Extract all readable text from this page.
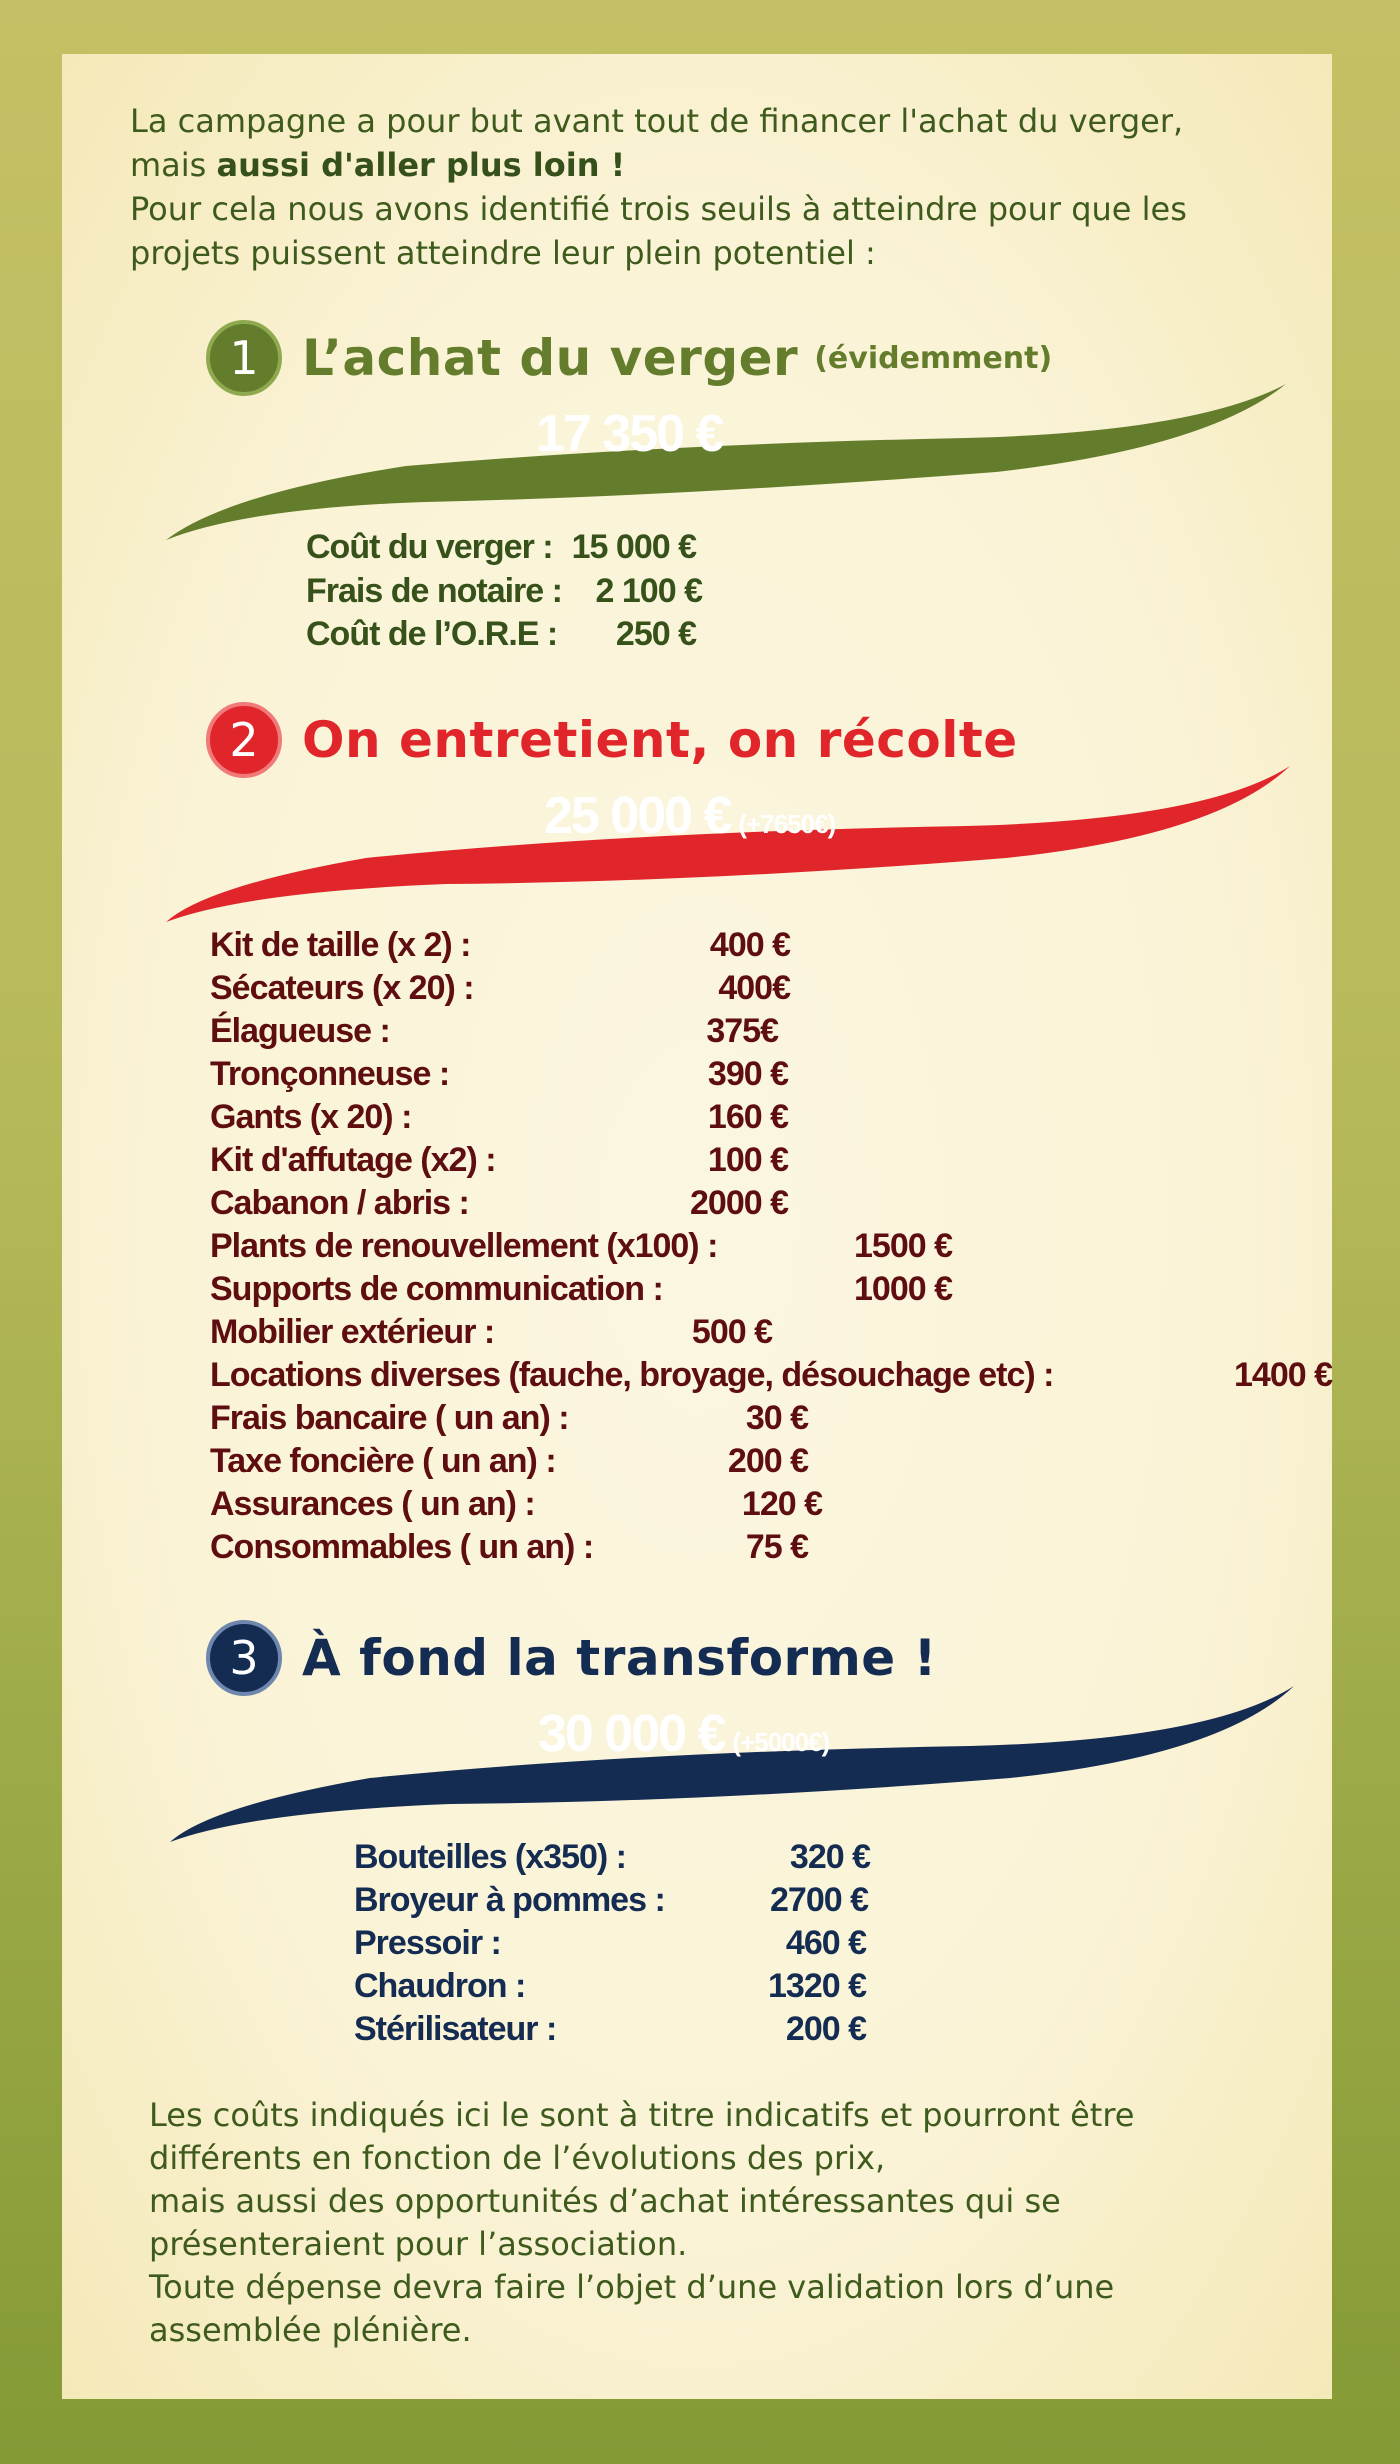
La campagne a pour but avant tout de financer l'achat du verger,
mais aussi d'aller plus loin !
Pour cela nous avons identifié trois seuils à atteindre pour que les
projets puissent atteindre leur plein potentiel :
1 L’achat du verger (évidemment)
17 350 €
Coût du verger : 15 000 €
Frais de notaire : 2 100 €
Coût de l’O.R.E :	250 €
2 On entretient, on récolte
25 000 € (+7650€)
Kit de taille (x 2) :	400 €
Sécateurs (x 20) :	400€
Élagueuse :	375€
Tronçonneuse :	390 €
Gants (x 20) :	160 €
Kit d'affutage (x2) :	100 €
Cabanon / abris :	2000 €
Plants de renouvellement (x100) :	1500 €
Supports de communication :	1000 €
Mobilier extérieur :	500 €
Locations diverses (fauche, broyage, désouchage etc) :	1400 €
Frais bancaire ( un an) :	30 €
Taxe foncière ( un an) :	200 €
Assurances ( un an) :	120 €
Consommables ( un an) :	75 €
3 À fond la transforme !
30 000 € (+5000€)
Bouteilles (x350) :	320 €
Broyeur à pommes :	2700 €
Pressoir :	460 €
Chaudron :	1320 €
Stérilisateur :	200 €
Les coûts indiqués ici le sont à titre indicatifs et pourront être
différents en fonction de l’évolutions des prix,
mais aussi des opportunités d’achat intéressantes qui se
présenteraient pour l’association.
Toute dépense devra faire l’objet d’une validation lors d’une
assemblée plénière.
